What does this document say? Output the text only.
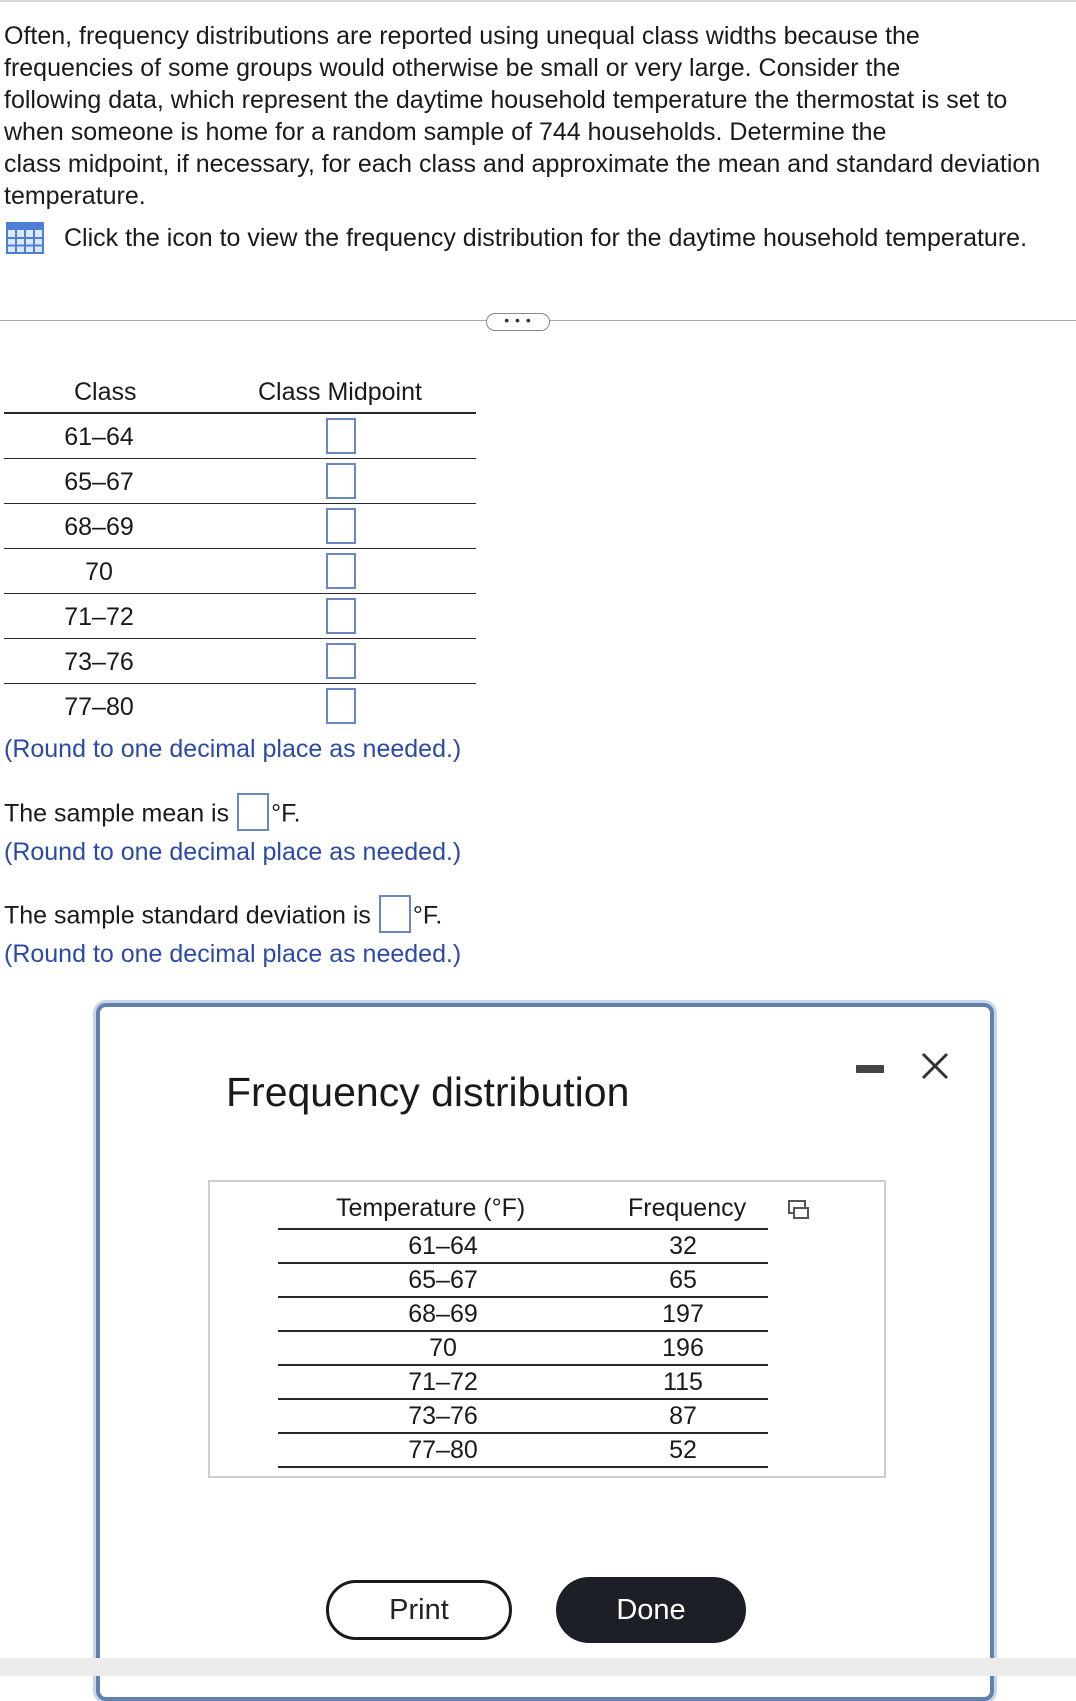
Often, frequency distributions are reported using unequal class widths because the
frequencies of some groups would otherwise be small or very large. Consider the
following data, which represent the daytime household temperature the thermostat is set to
when someone is home for a random sample of 744 households. Determine the
class midpoint, if necessary, for each class and approximate the mean and standard deviation
temperature.
Click the icon to view the frequency distribution for the daytime household temperature.
• • •
Class	Class Midpoint
61–64
65–67
68–69
70
71–72
73–76
77–80
(Round to one decimal place as needed.)
The sample mean is °F.
(Round to one decimal place as needed.)
The sample standard deviation is °F.
(Round to one decimal place as needed.)
Frequency distribution
Temperature (°F)	Frequency
61–64	32
65–67	65
68–69	197
70	196
71–72	115
73–76	87
77–80	52
Print	Done
